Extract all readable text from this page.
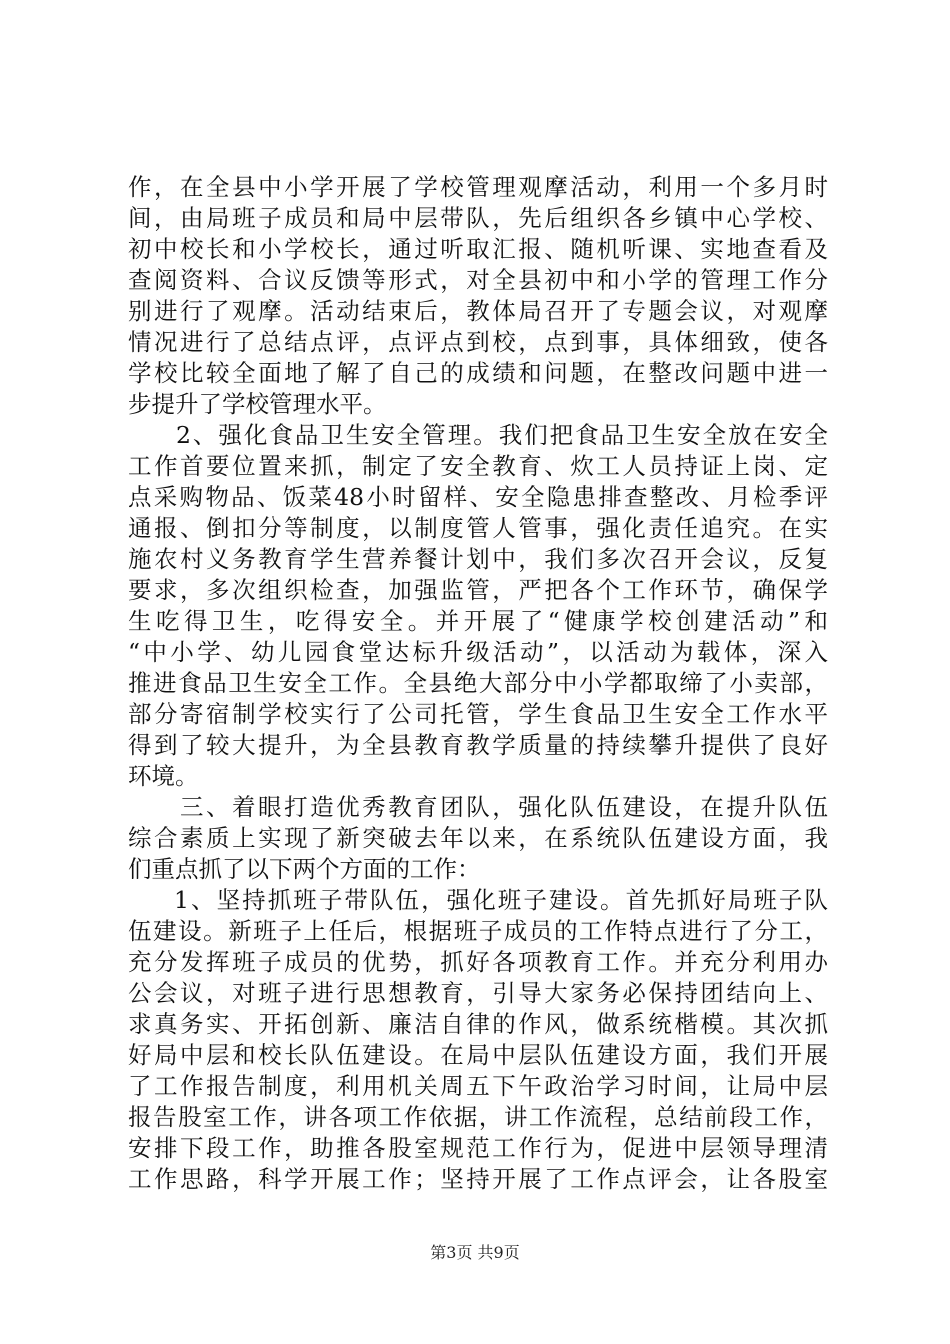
作，在全县中小学开展了学校管理观摩活动，利用一个多月时
间，由局班子成员和局中层带队，先后组织各乡镇中心学校、
初中校长和小学校长，通过听取汇报、随机听课、实地查看及
查阅资料、合议反馈等形式，对全县初中和小学的管理工作分
别进行了观摩。活动结束后，教体局召开了专题会议，对观摩
情况进行了总结点评，点评点到校，点到事，具体细致，使各
学校比较全面地了解了自己的成绩和问题，在整改问题中进一
步提升了学校管理水平。
2、强化食品卫生安全管理。我们把食品卫生安全放在安全
工作首要位置来抓，制定了安全教育、炊工人员持证上岗、定
点采购物品、饭菜48小时留样、安全隐患排查整改、月检季评
通报、倒扣分等制度，以制度管人管事，强化责任追究。在实
施农村义务教育学生营养餐计划中，我们多次召开会议，反复
要求，多次组织检查，加强监管，严把各个工作环节，确保学
生吃得卫生，吃得安全。并开展了“健康学校创建活动”和
“中小学、幼儿园食堂达标升级活动”，以活动为载体，深入
推进食品卫生安全工作。全县绝大部分中小学都取缔了小卖部，
部分寄宿制学校实行了公司托管，学生食品卫生安全工作水平
得到了较大提升，为全县教育教学质量的持续攀升提供了良好
环境。
三、着眼打造优秀教育团队，强化队伍建设，在提升队伍
综合素质上实现了新突破去年以来，在系统队伍建设方面，我
们重点抓了以下两个方面的工作：
1、坚持抓班子带队伍，强化班子建设。首先抓好局班子队
伍建设。新班子上任后，根据班子成员的工作特点进行了分工，
充分发挥班子成员的优势，抓好各项教育工作。并充分利用办
公会议，对班子进行思想教育，引导大家务必保持团结向上、
求真务实、开拓创新、廉洁自律的作风，做系统楷模。其次抓
好局中层和校长队伍建设。在局中层队伍建设方面，我们开展
了工作报告制度，利用机关周五下午政治学习时间，让局中层
报告股室工作，讲各项工作依据，讲工作流程，总结前段工作，
安排下段工作，助推各股室规范工作行为，促进中层领导理清
工作思路，科学开展工作；坚持开展了工作点评会，让各股室
第3页 共9页
